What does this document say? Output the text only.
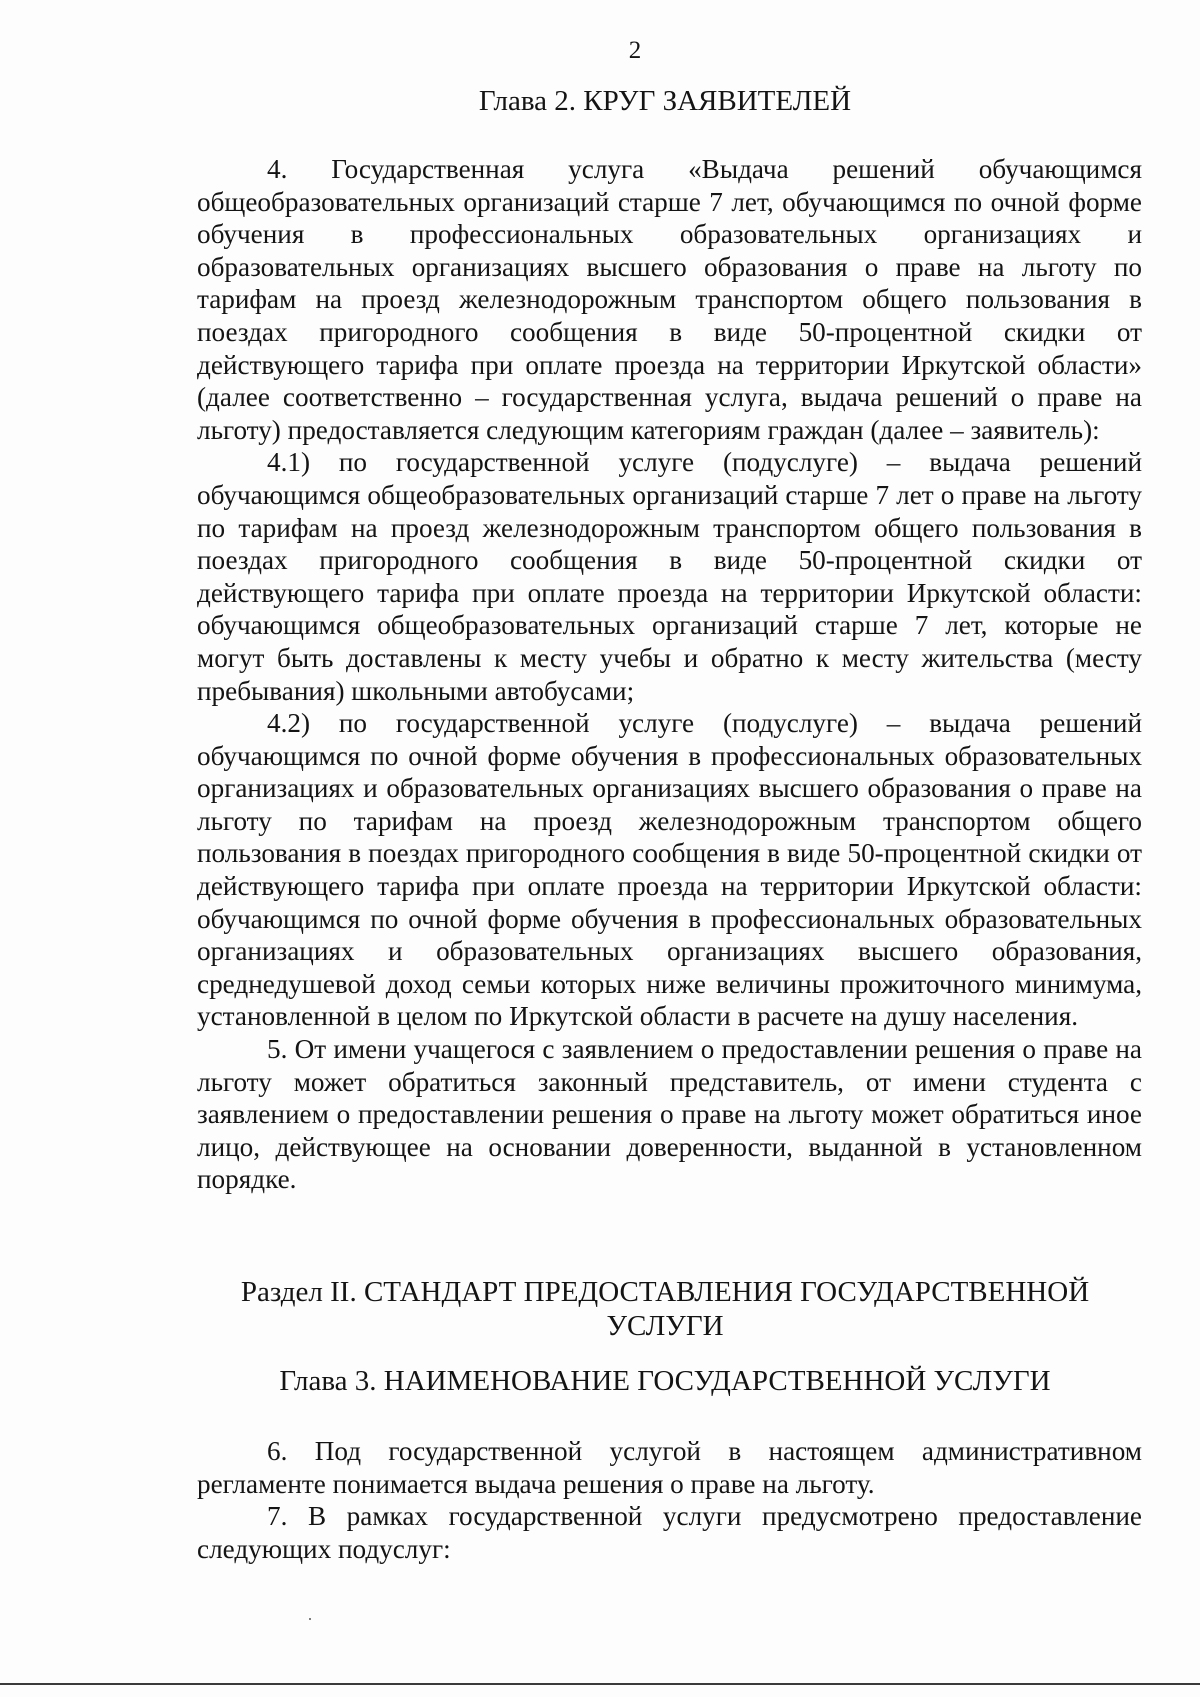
2
Глава 2. КРУГ ЗАЯВИТЕЛЕЙ

4. Государственная услуга «Выдача решений обучающимся общеобразовательных организаций старше 7 лет, обучающимся по очной форме обучения в профессиональных образовательных организациях и образовательных организациях высшего образования о праве на льготу по тарифам на проезд железнодорожным транспортом общего пользования в поездах пригородного сообщения в виде 50-процентной скидки от действующего тарифа при оплате проезда на территории Иркутской области» (далее соответственно – государственная услуга, выдача решений о праве на льготу) предоставляется следующим категориям граждан (далее – заявитель):

4.1) по государственной услуге (подуслуге) – выдача решений обучающимся общеобразовательных организаций старше 7 лет о праве на льготу по тарифам на проезд железнодорожным транспортом общего пользования в поездах пригородного сообщения в виде 50-процентной скидки от действующего тарифа при оплате проезда на территории Иркутской области: обучающимся общеобразовательных организаций старше 7 лет, которые не могут быть доставлены к месту учебы и обратно к месту жительства (месту пребывания) школьными автобусами;

4.2) по государственной услуге (подуслуге) – выдача решений обучающимся по очной форме обучения в профессиональных образовательных организациях и образовательных организациях высшего образования о праве на льготу по тарифам на проезд железнодорожным транспортом общего пользования в поездах пригородного сообщения в виде 50-процентной скидки от действующего тарифа при оплате проезда на территории Иркутской области: обучающимся по очной форме обучения в профессиональных образовательных организациях и образовательных организациях высшего образования, среднедушевой доход семьи которых ниже величины прожиточного минимума, установленной в целом по Иркутской области в расчете на душу населения.

5. От имени учащегося с заявлением о предоставлении решения о праве на льготу может обратиться законный представитель, от имени студента с заявлением о предоставлении решения о праве на льготу может обратиться иное лицо, действующее на основании доверенности, выданной в установленном порядке.

Раздел II. СТАНДАРТ ПРЕДОСТАВЛЕНИЯ ГОСУДАРСТВЕННОЙ
УСЛУГИ
Глава 3. НАИМЕНОВАНИЕ ГОСУДАРСТВЕННОЙ УСЛУГИ

6. Под государственной услугой в настоящем административном регламенте понимается выдача решения о праве на льготу.

7. В рамках государственной услуги предусмотрено предоставление следующих подуслуг:
